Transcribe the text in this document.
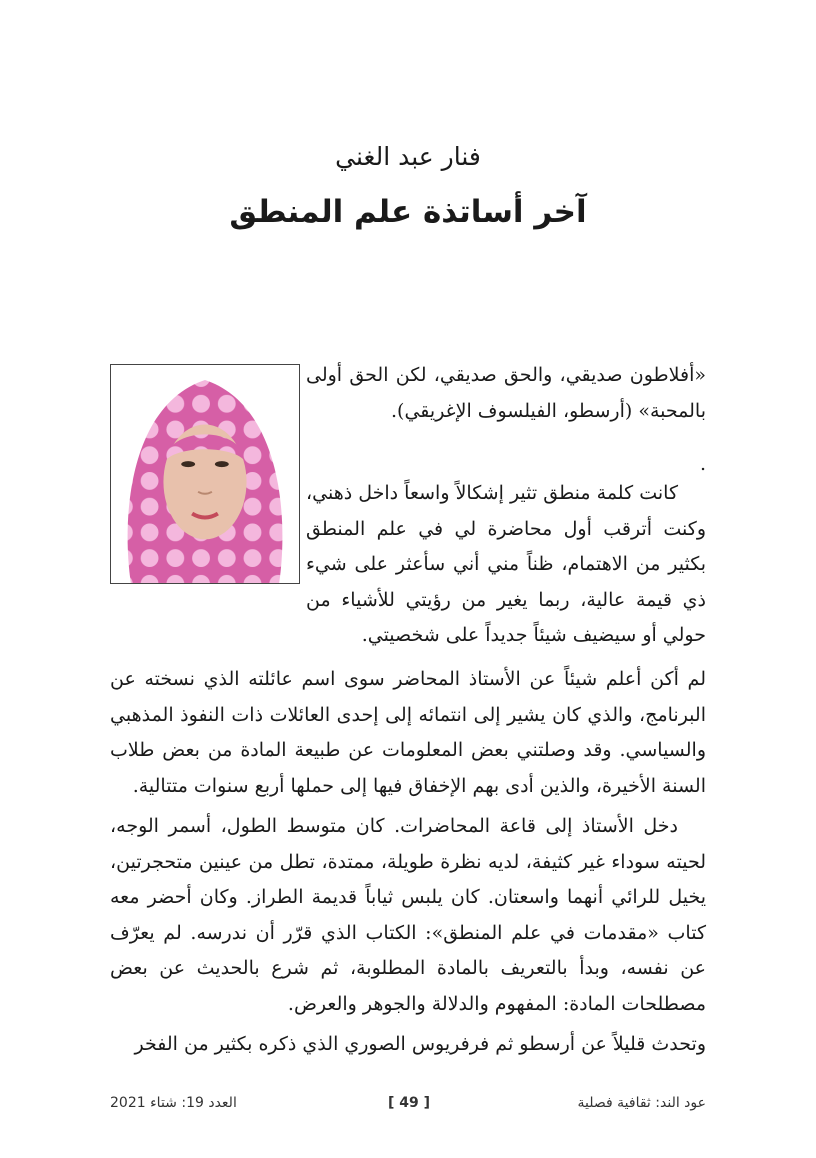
فنار عبد الغني
آخر أساتذة علم المنطق
«أفلاطون صديقي، والحق صديقي، لكن الحق أولى بالمحبة» (أرسطو، الفيلسوف الإغريقي).
.
كانت كلمة منطق تثير إشكالاً واسعاً داخل ذهني، وكنت أترقب أول محاضرة لي في علم المنطق بكثير من الاهتمام، ظناً مني أني سأعثر على شيء ذي قيمة عالية، ربما يغير من رؤيتي للأشياء من حولي أو سيضيف شيئاً جديداً على شخصيتي.
لم أكن أعلم شيئاً عن الأستاذ المحاضر سوى اسم عائلته الذي نسخته عن البرنامج، والذي كان يشير إلى انتمائه إلى إحدى العائلات ذات النفوذ المذهبي والسياسي. وقد وصلتني بعض المعلومات عن طبيعة المادة من بعض طلاب السنة الأخيرة، والذين أدى بهم الإخفاق فيها إلى حملها أربع سنوات متتالية.
دخل الأستاذ إلى قاعة المحاضرات. كان متوسط الطول، أسمر الوجه، لحيته سوداء غير كثيفة، لديه نظرة طويلة، ممتدة، تطل من عينين متحجرتين، يخيل للرائي أنهما واسعتان. كان يلبس ثياباً قديمة الطراز. وكان أحضر معه كتاب «مقدمات في علم المنطق»: الكتاب الذي قرّر أن ندرسه. لم يعرّف عن نفسه، وبدأ بالتعريف بالمادة المطلوبة، ثم شرع بالحديث عن بعض مصطلحات المادة: المفهوم والدلالة والجوهر والعرض.
وتحدث قليلاً عن أرسطو ثم فرفريوس الصوري الذي ذكره بكثير من الفخر
العدد 19: شتاء 2021	[ 49 ]	عود الند: ثقافية فصلية
